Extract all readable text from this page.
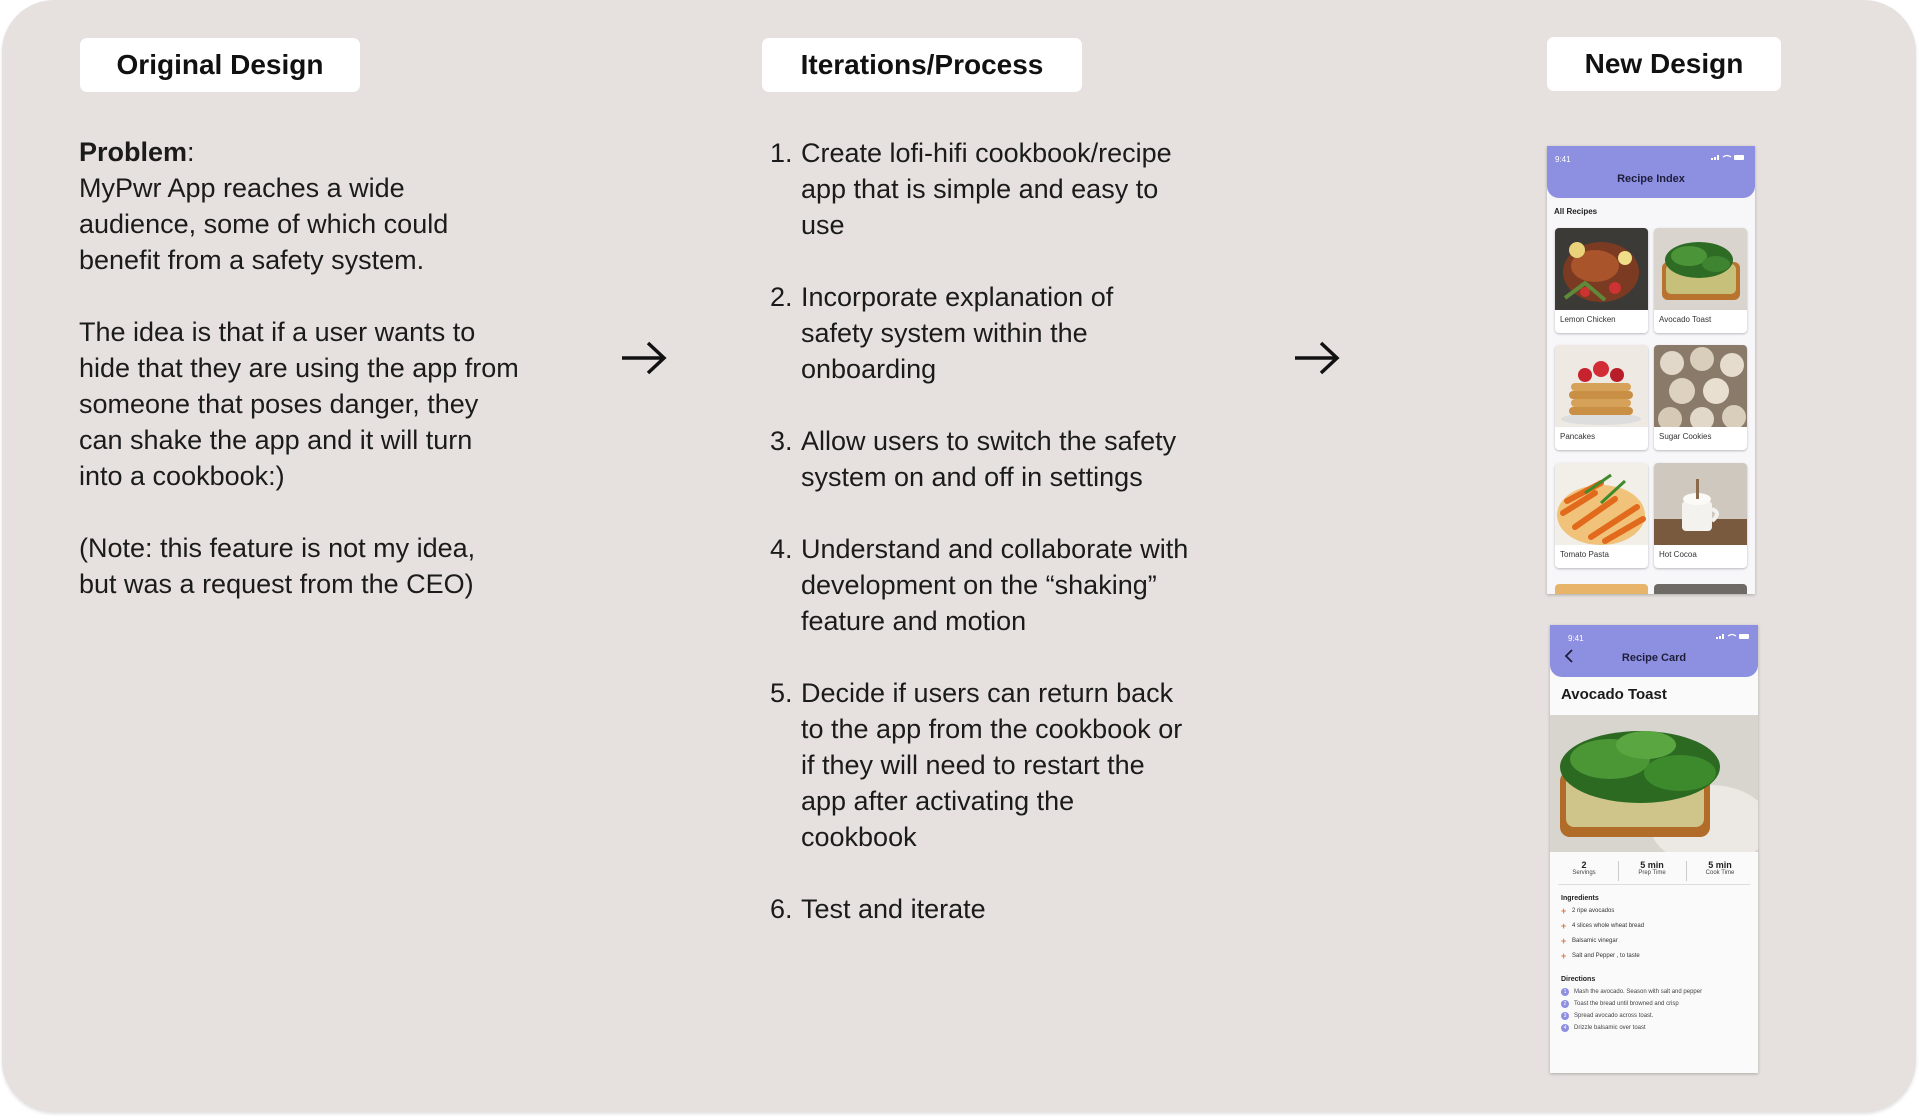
Original Design	Iterations/Process	New Design
Problem:
MyPwr App reaches a wide audience, some of which could benefit from a safety system.
The idea is that if a user wants to hide that they are using the app from someone that poses danger, they can shake the app and it will turn into a cookbook:)
(Note: this feature is not my idea, but was a request from the CEO)
1. Create lofi-hifi cookbook/recipe app that is simple and easy to use
2. Incorporate explanation of safety system within the onboarding
3. Allow users to switch the safety system on and off in settings
4. Understand and collaborate with development on the “shaking” feature and motion
5. Decide if users can return back to the app from the cookbook or if they will need to restart the app after activating the cookbook
6. Test and iterate
9:41
Recipe Index
All Recipes
Lemon Chicken	Avocado Toast
Pancakes	Sugar Cookies
Tomato Pasta	Hot Cocoa
9:41
Recipe Card
Avocado Toast
2
Servings
5 min
Prep Time
5 min
Cook Time
Ingredients
+ 2 ripe avocados
+ 4 slices whole wheat bread
+ Balsamic vinegar
+ Salt and Pepper , to taste
Directions
1	Mash the avocado. Season with salt and pepper
2	Toast the bread until browned and crisp
3	Spread avocado across toast.
4	Drizzle balsamic over toast
